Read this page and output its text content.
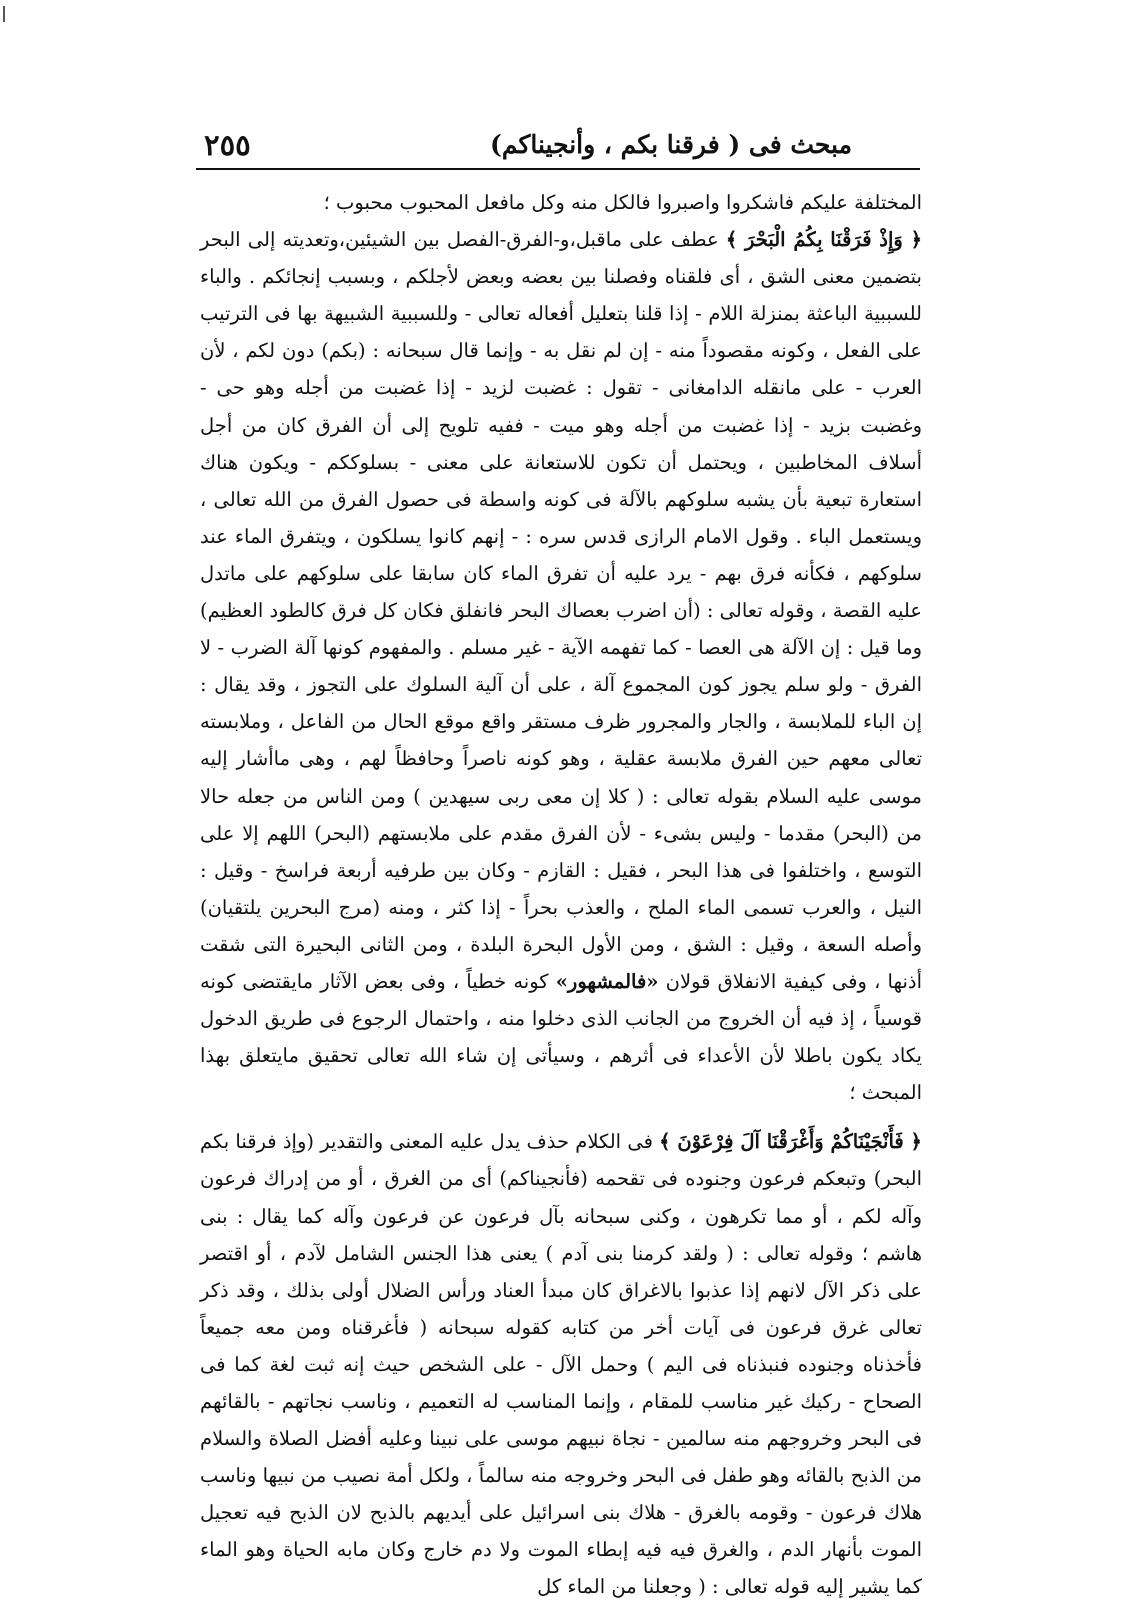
مبحث فى ( فرقنا بكم ، وأنجيناكم)
٢٥٥

المختلفة عليكم فاشكروا واصبروا فالكل منه وكل مافعل المحبوب محبوب ؛

﴿ وَإِذْ فَرَقْنَا بِكُمُ الْبَحْرَ ﴾ عطف على ماقبل،و-الفرق-الفصل بين الشيئين،وتعديته إلى البحر بتضمين معنى الشق ، أى فلقناه وفصلنا بين بعضه وبعض لأجلكم ، وبسبب إنجائكم . والباء للسببية الباعثة بمنزلة اللام - إذا قلنا بتعليل أفعاله تعالى - وللسببية الشبيهة بها فى الترتيب على الفعل ، وكونه مقصوداً منه - إن لم نقل به - وإنما قال سبحانه : (بكم) دون لكم ، لأن العرب - على مانقله الدامغانى - تقول : غضبت لزيد - إذا غضبت من أجله وهو حى - وغضبت بزيد - إذا غضبت من أجله وهو ميت - ففيه تلويح إلى أن الفرق كان من أجل أسلاف المخاطبين ، ويحتمل أن تكون للاستعانة على معنى - بسلوككم - ويكون هناك استعارة تبعية بأن يشبه سلوكهم بالآلة فى كونه واسطة فى حصول الفرق من الله تعالى ، ويستعمل الباء . وقول الامام الرازى قدس سره : - إنهم كانوا يسلكون ، ويتفرق الماء عند سلوكهم ، فكأنه فرق بهم - يرد عليه أن تفرق الماء كان سابقا على سلوكهم على ماتدل عليه القصة ، وقوله تعالى : (أن اضرب بعصاك البحر فانفلق فكان كل فرق كالطود العظيم) وما قيل : إن الآلة هى العصا - كما تفهمه الآية - غير مسلم . والمفهوم كونها آلة الضرب - لا الفرق - ولو سلم يجوز كون المجموع آلة ، على أن آلية السلوك على التجوز ، وقد يقال : إن الباء للملابسة ، والجار والمجرور ظرف مستقر واقع موقع الحال من الفاعل ، وملابسته تعالى معهم حين الفرق ملابسة عقلية ، وهو كونه ناصراً وحافظاً لهم ، وهى ماأشار إليه موسى عليه السلام بقوله تعالى : ( كلا إن معى ربى سيهدين ) ومن الناس من جعله حالا من (البحر) مقدما - وليس بشىء - لأن الفرق مقدم على ملابستهم (البحر) اللهم إلا على التوسع ، واختلفوا فى هذا البحر ، فقيل : القازم - وكان بين طرفيه أربعة فراسخ - وقيل : النيل ، والعرب تسمى الماء الملح ، والعذب بحراً - إذا كثر ، ومنه (مرج البحرين يلتقيان) وأصله السعة ، وقيل : الشق ، ومن الأول البحرة البلدة ، ومن الثانى البحيرة التى شقت أذنها ، وفى كيفية الانفلاق قولان «فالمشهور» كونه خطياً ، وفى بعض الآثار مايقتضى كونه قوسياً ، إذ فيه أن الخروج من الجانب الذى دخلوا منه ، واحتمال الرجوع فى طريق الدخول يكاد يكون باطلا لأن الأعداء فى أثرهم ، وسيأتى إن شاء الله تعالى تحقيق مايتعلق بهذا المبحث ؛

﴿ فَأَنْجَيْنَاكُمْ وَأَغْرَقْنَا آلَ فِرْعَوْنَ ﴾ فى الكلام حذف يدل عليه المعنى والتقدير (وإذ فرقنا بكم البحر) وتبعكم فرعون وجنوده فى تقحمه (فأنجيناكم) أى من الغرق ، أو من إدراك فرعون وآله لكم ، أو مما تكرهون ، وكنى سبحانه بآل فرعون عن فرعون وآله كما يقال : بنى هاشم ؛ وقوله تعالى : ( ولقد كرمنا بنى آدم ) يعنى هذا الجنس الشامل لآدم ، أو اقتصر على ذكر الآل لانهم إذا عذبوا بالاغراق كان مبدأ العناد ورأس الضلال أولى بذلك ، وقد ذكر تعالى غرق فرعون فى آيات أخر من كتابه كقوله سبحانه ( فأغرقناه ومن معه جميعاً فأخذناه وجنوده فنبذناه فى اليم ) وحمل الآل - على الشخص حيث إنه ثبت لغة كما فى الصحاح - ركيك غير مناسب للمقام ، وإنما المناسب له التعميم ، وناسب نجاتهم - بالقائهم فى البحر وخروجهم منه سالمين - نجاة نبيهم موسى على نبينا وعليه أفضل الصلاة والسلام من الذبح بالقائه وهو طفل فى البحر وخروجه منه سالماً ، ولكل أمة نصيب من نبيها وناسب هلاك فرعون - وقومه بالغرق - هلاك بنى اسرائيل على أيديهم بالذبح لان الذبح فيه تعجيل الموت بأنهار الدم ، والغرق فيه فيه إبطاء الموت ولا دم خارج وكان مابه الحياة وهو الماء كما يشير إليه قوله تعالى : ( وجعلنا من الماء كل
